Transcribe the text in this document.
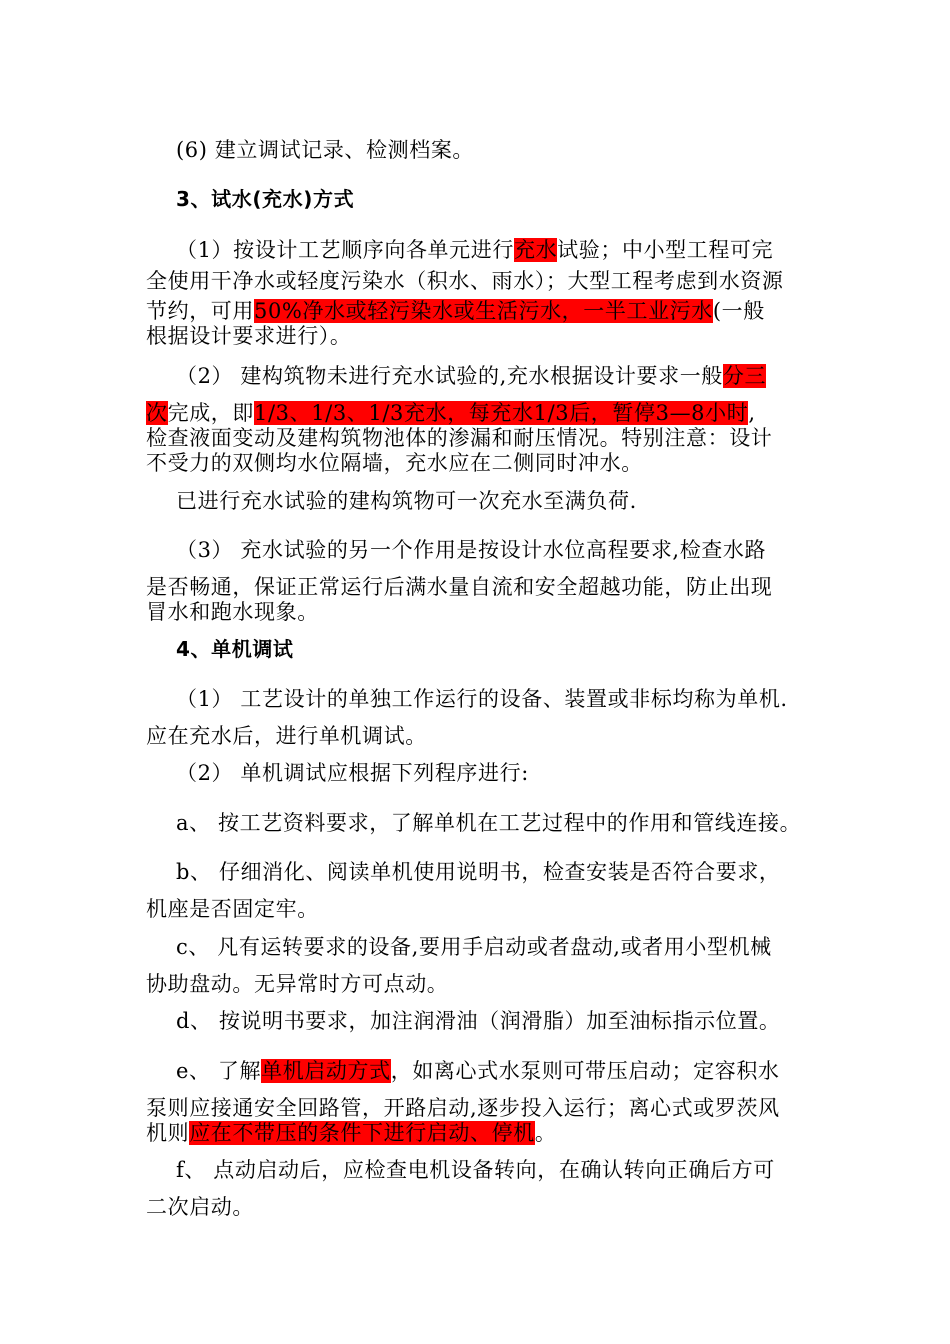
(6) 建立调试记录、检测档案。
3、试水(充水)方式
（1）按设计工艺顺序向各单元进行充水试验；中小型工程可完
全使用干净水或轻度污染水（积水、雨水）；大型工程考虑到水资源
节约，可用50%净水或轻污染水或生活污水，一半工业污水(一般
根据设计要求进行）。
（2） 建构筑物未进行充水试验的,充水根据设计要求一般分三
次完成，即1/3、1/3、1/3充水，每充水1/3后，暂停3—8小时,
检查液面变动及建构筑物池体的渗漏和耐压情况。特别注意：设计
不受力的双侧均水位隔墙，充水应在二侧同时冲水。
已进行充水试验的建构筑物可一次充水至满负荷.
（3） 充水试验的另一个作用是按设计水位高程要求,检查水路
是否畅通，保证正常运行后满水量自流和安全超越功能，防止出现
冒水和跑水现象。
4、单机调试
（1） 工艺设计的单独工作运行的设备、装置或非标均称为单机.
应在充水后，进行单机调试。
（2） 单机调试应根据下列程序进行:
a、 按工艺资料要求，了解单机在工艺过程中的作用和管线连接。
b、 仔细消化、阅读单机使用说明书，检查安装是否符合要求，
机座是否固定牢。
c、 凡有运转要求的设备,要用手启动或者盘动,或者用小型机械
协助盘动。无异常时方可点动。
d、 按说明书要求，加注润滑油（润滑脂）加至油标指示位置。
e、 了解单机启动方式，如离心式水泵则可带压启动；定容积水
泵则应接通安全回路管，开路启动,逐步投入运行；离心式或罗茨风
机则应在不带压的条件下进行启动、停机。
f、 点动启动后，应检查电机设备转向，在确认转向正确后方可
二次启动。
